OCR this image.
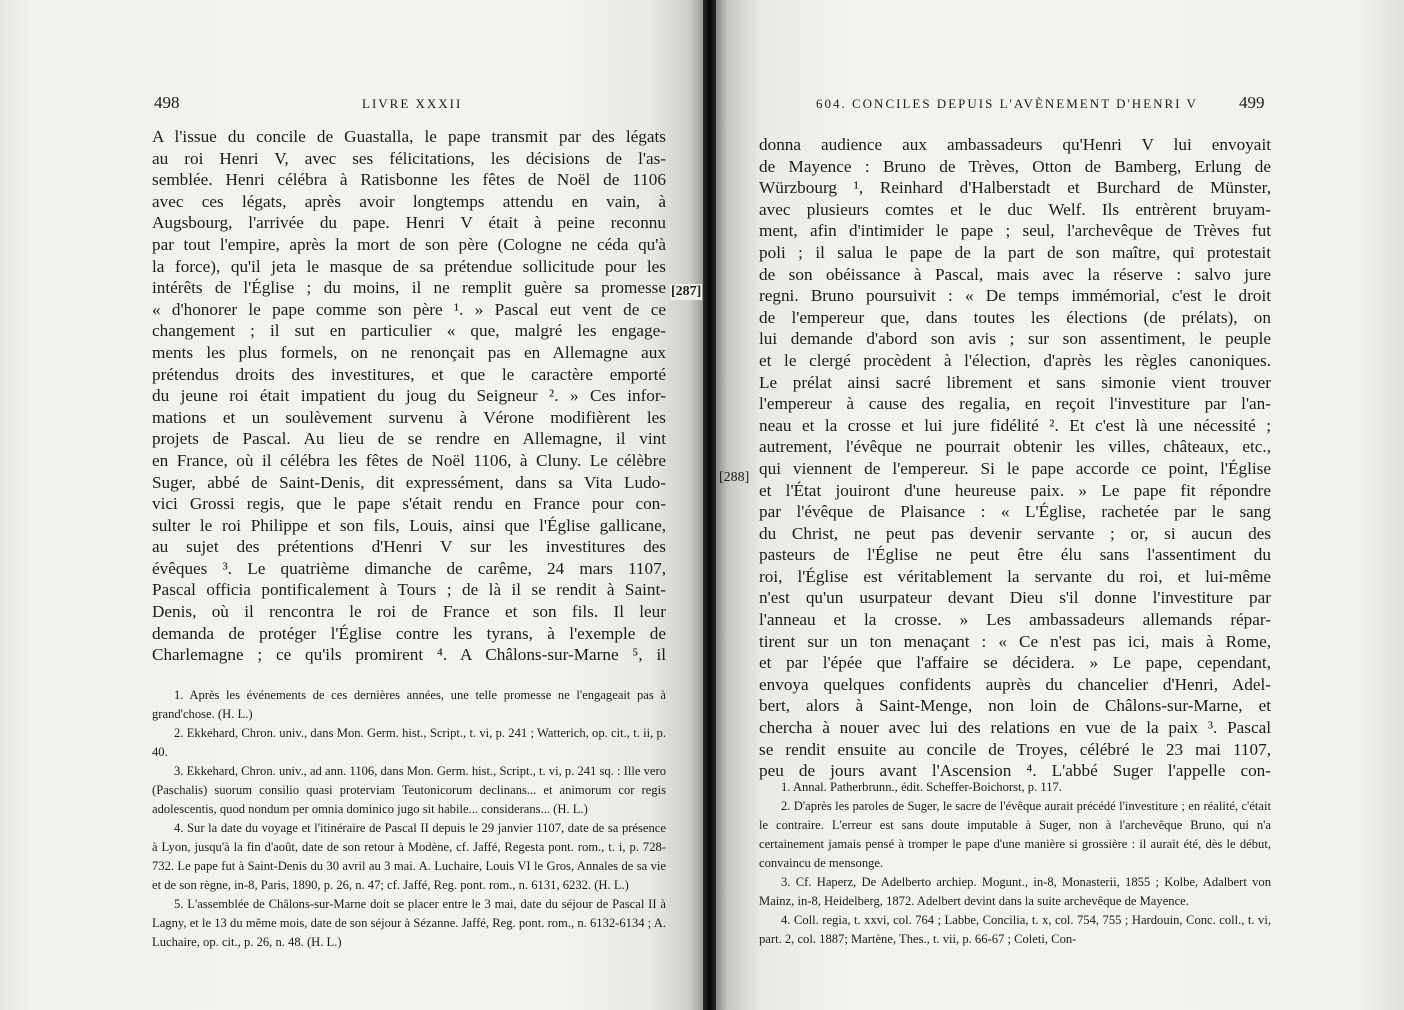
498	LIVRE XXXII
A l'issue du concile de Guastalla, le pape transmit par des légats
au roi Henri V, avec ses félicitations, les décisions de l'as-
semblée. Henri célébra à Ratisbonne les fêtes de Noël de 1106
avec ces légats, après avoir longtemps attendu en vain, à
Augsbourg, l'arrivée du pape. Henri V était à peine reconnu
par tout l'empire, après la mort de son père (Cologne ne céda qu'à
la force), qu'il jeta le masque de sa prétendue sollicitude pour les
intérêts de l'Église ; du moins, il ne remplit guère sa promesse
« d'honorer le pape comme son père ¹. » Pascal eut vent de ce
changement ; il sut en particulier « que, malgré les engage-
ments les plus formels, on ne renonçait pas en Allemagne aux
prétendus droits des investitures, et que le caractère emporté
du jeune roi était impatient du joug du Seigneur ². » Ces infor-
mations et un soulèvement survenu à Vérone modifièrent les
projets de Pascal. Au lieu de se rendre en Allemagne, il vint
en France, où il célébra les fêtes de Noël 1106, à Cluny. Le célèbre
Suger, abbé de Saint-Denis, dit expressément, dans sa Vita Ludo-
vici Grossi regis, que le pape s'était rendu en France pour con-
sulter le roi Philippe et son fils, Louis, ainsi que l'Église gallicane,
au sujet des prétentions d'Henri V sur les investitures des
évêques ³. Le quatrième dimanche de carême, 24 mars 1107,
Pascal officia pontificalement à Tours ; de là il se rendit à Saint-
Denis, où il rencontra le roi de France et son fils. Il leur
demanda de protéger l'Église contre les tyrans, à l'exemple de
Charlemagne ; ce qu'ils promirent ⁴. A Châlons-sur-Marne ⁵, il

1. Après les événements de ces dernières années, une telle promesse ne l'engageait pas à grand'chose. (H. L.)

2. Ekkehard, Chron. univ., dans Mon. Germ. hist., Script., t. vi, p. 241 ; Watterich, op. cit., t. ii, p. 40.

3. Ekkehard, Chron. univ., ad ann. 1106, dans Mon. Germ. hist., Script., t. vi, p. 241 sq. : Ille vero (Paschalis) suorum consilio quasi proterviam Teutonicorum declinans... et animorum cor regis adolescentis, quod nondum per omnia dominico jugo sit habile... considerans... (H. L.)

4. Sur la date du voyage et l'itinéraire de Pascal II depuis le 29 janvier 1107, date de sa présence à Lyon, jusqu'à la fin d'août, date de son retour à Modène, cf. Jaffé, Regesta pont. rom., t. i, p. 728-732. Le pape fut à Saint-Denis du 30 avril au 3 mai. A. Luchaire, Louis VI le Gros, Annales de sa vie et de son règne, in-8, Paris, 1890, p. 26, n. 47; cf. Jaffé, Reg. pont. rom., n. 6131, 6232. (H. L.)

5. L'assemblée de Châlons-sur-Marne doit se placer entre le 3 mai, date du séjour de Pascal II à Lagny, et le 13 du même mois, date de son séjour à Sézanne. Jaffé, Reg. pont. rom., n. 6132-6134 ; A. Luchaire, op. cit., p. 26, n. 48. (H. L.)

604. CONCILES DEPUIS L'AVÈNEMENT D'HENRI V 499
donna audience aux ambassadeurs qu'Henri V lui envoyait
de Mayence : Bruno de Trèves, Otton de Bamberg, Erlung de
Würzbourg ¹, Reinhard d'Halberstadt et Burchard de Münster,
avec plusieurs comtes et le duc Welf. Ils entrèrent bruyam-
ment, afin d'intimider le pape ; seul, l'archevêque de Trèves fut
poli ; il salua le pape de la part de son maître, qui protestait
de son obéissance à Pascal, mais avec la réserve : salvo jure
regni. Bruno poursuivit : « De temps immémorial, c'est le droit
de l'empereur que, dans toutes les élections (de prélats), on
lui demande d'abord son avis ; sur son assentiment, le peuple
et le clergé procèdent à l'élection, d'après les règles canoniques.
Le prélat ainsi sacré librement et sans simonie vient trouver
l'empereur à cause des regalia, en reçoit l'investiture par l'an-
neau et la crosse et lui jure fidélité ². Et c'est là une nécessité ;
autrement, l'évêque ne pourrait obtenir les villes, châteaux, etc.,
qui viennent de l'empereur. Si le pape accorde ce point, l'Église
et l'État jouiront d'une heureuse paix. » Le pape fit répondre
par l'évêque de Plaisance : « L'Église, rachetée par le sang
du Christ, ne peut pas devenir servante ; or, si aucun des
pasteurs de l'Église ne peut être élu sans l'assentiment du
roi, l'Église est véritablement la servante du roi, et lui-même
n'est qu'un usurpateur devant Dieu s'il donne l'investiture par
l'anneau et la crosse. » Les ambassadeurs allemands répar-
tirent sur un ton menaçant : « Ce n'est pas ici, mais à Rome,
et par l'épée que l'affaire se décidera. » Le pape, cependant,
envoya quelques confidents auprès du chancelier d'Henri, Adel-
bert, alors à Saint-Menge, non loin de Châlons-sur-Marne, et
chercha à nouer avec lui des relations en vue de la paix ³. Pascal
se rendit ensuite au concile de Troyes, célébré le 23 mai 1107,
peu de jours avant l'Ascension ⁴. L'abbé Suger l'appelle con-

1. Annal. Patherbrunn., édit. Scheffer-Boichorst, p. 117.

2. D'après les paroles de Suger, le sacre de l'évêque aurait précédé l'investiture ; en réalité, c'était le contraire. L'erreur est sans doute imputable à Suger, non à l'archevêque Bruno, qui n'a certainement jamais pensé à tromper le pape d'une manière si grossière : il aurait été, dès le début, convaincu de mensonge.

3. Cf. Haperz, De Adelberto archiep. Mogunt., in-8, Monasterii, 1855 ; Kolbe, Adalbert von Mainz, in-8, Heidelberg, 1872. Adelbert devint dans la suite archevêque de Mayence.

4. Coll. regia, t. xxvi, col. 764 ; Labbe, Concilia, t. x, col. 754, 755 ; Hardouin, Conc. coll., t. vi, part. 2, col. 1887; Martène, Thes., t. vii, p. 66-67 ; Coleti, Con-

[287]
[288]
